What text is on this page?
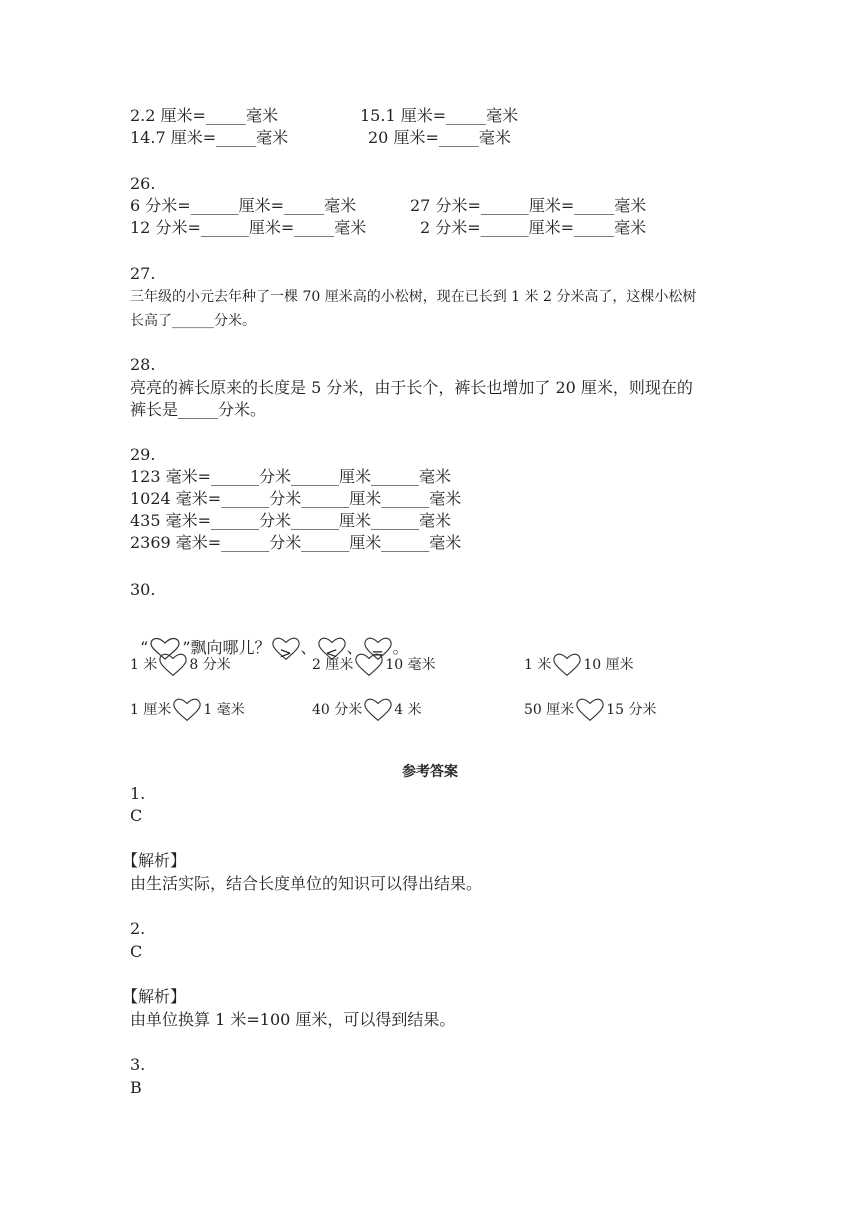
2.2 厘米=_____毫米	15.1 厘米=_____毫米
14.7 厘米=_____毫米	20 厘米=_____毫米
26.
6 分米=______厘米=_____毫米	27 分米=______厘米=_____毫米
12 分米=______厘米=_____毫米	2 分米=______厘米=_____毫米
27.
三年级的小元去年种了一棵 70 厘米高的小松树，现在已长到 1 米 2 分米高了，这棵小松树
长高了______分米。
28.
亮亮的裤长原来的长度是 5 分米，由于长个，裤长也增加了 20 厘米，则现在的
裤长是_____分米。
29.
123 毫米=______分米______厘米______毫米
1024 毫米=______分米______厘米______毫米
435 毫米=______分米______厘米______毫米
2369 毫米=______分米______厘米______毫米
30.

“ ”飘向哪儿？ > 、 < 、 = 。

1 米 8 分米	2 厘米 10 毫米	1 米 10 厘米
1 厘米 1 毫米	40 分米 4 米	50 厘米 15 分米
参考答案
1.
C
【解析】
由生活实际，结合长度单位的知识可以得出结果。
2.
C
【解析】
由单位换算 1 米=100 厘米，可以得到结果。
3.
B
